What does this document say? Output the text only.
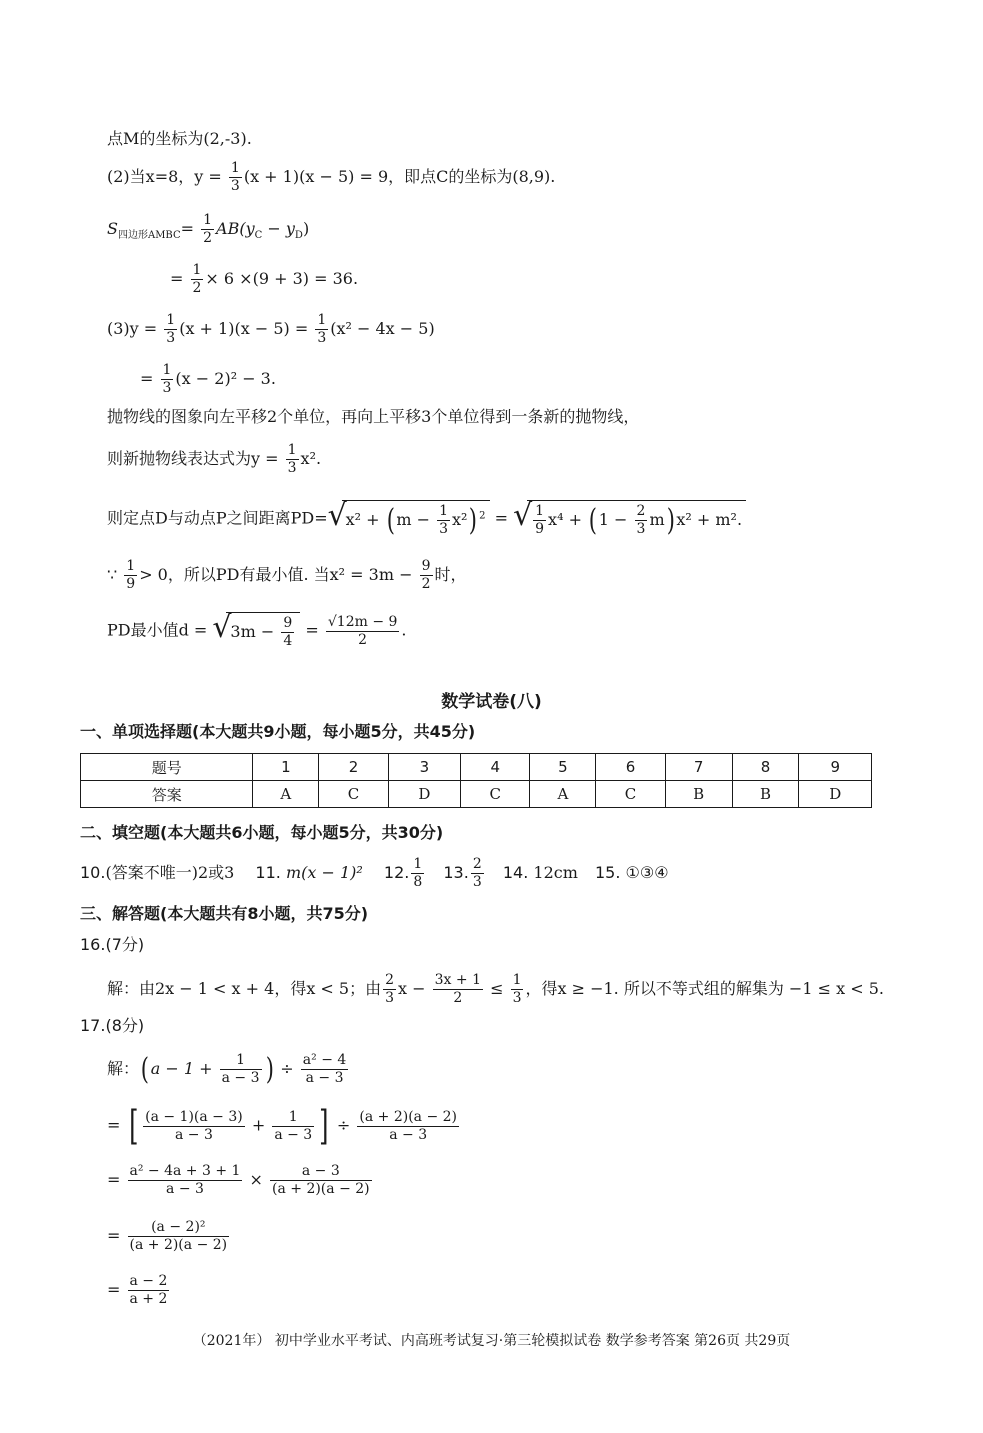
点M的坐标为(2,-3).
(2)当x=8，$y = \frac{1}{3} (x + 1)(x - 5) = 9$，即点C的坐标为(8,9).
$S_{四边形AMBC}= \frac{1}{2} AB(y_C - y_D)$
= $\frac{1}{2} \times 6 \times(9 + 3) = 36$.
$(3)y = \frac{1}{3} (x + 1)(x - 5) = \frac{1}{3} (x^2 - 4x - 5)$
= $\frac{1}{3} (x - 2)^2 - 3$.
抛物线的图象向左平移2个单位，再向上平移3个单位得到一条新的抛物线，
则新抛物线表达式为$y = \frac{1}{3} x^2$.
则定点D与动点P之间距离PD= √
x² + ( $m - \frac{1}{3} x^2$) $^2$ = √ $\frac{1}{9} x^4$ + ( $1 - \frac{2}{3} m$) x² + m².
∵ $\frac{1}{9} > 0$，所以PD有最小值. 当$x^2 = 3m - \frac{9}{2}$ 时，
PD最小值d = √
$3m - \frac{9}{4} = \frac{√12m - 9}{2}$ .
数学试卷(八)
一、单项选择题(本大题共9小题，每小题5分，共45分)
题号	1	2	3	4	5	6	7	8	9
答案	A	C	D	C	A	C	B	B	D
二、填空题(本大题共6小题，每小题5分，共30分)
10.(答案不唯一)2或3 11. m(x − 1)² 12. $\frac{1}{8} 13$. $\frac{2}{3} 14$. 12cm 15. ①③④
三、解答题(本大题共有8小题，共75分)
16.(7分)
解：由2x − 1 < x + 4，得x < 5；由 $\frac{2}{3}$ $x - \frac{3x + 1}{2} \le \frac{1}{3}$ ，得x ≥ −1. 所以不等式组的解集为 −1 ≤ x < 5.
17.(8分)
解：( $a - 1 + \frac{1}{a - 3}$ ) ÷ $\frac{\text{a² − 4}}{a - 3}$
= [ $\frac{(a - 1)(a - 3)}{a - 3} + \frac{1}{a - 3}$ ] ÷ $\frac{(a + 2)(a - 2)}{a - 3}$
= $\frac{\text{a² − 4a + 3 + 1}}{a - 3} \times \frac{a - 3}{(a + 2)(a - 2)}$
= $\frac{\text{(a − 2)²}}{(a + 2)(a - 2)}$
= $\frac{a - 2}{a + 2}$
（2021年） 初中学业水平考试、内高班考试复习·第三轮模拟试卷 数学参考答案 第26页 共29页
